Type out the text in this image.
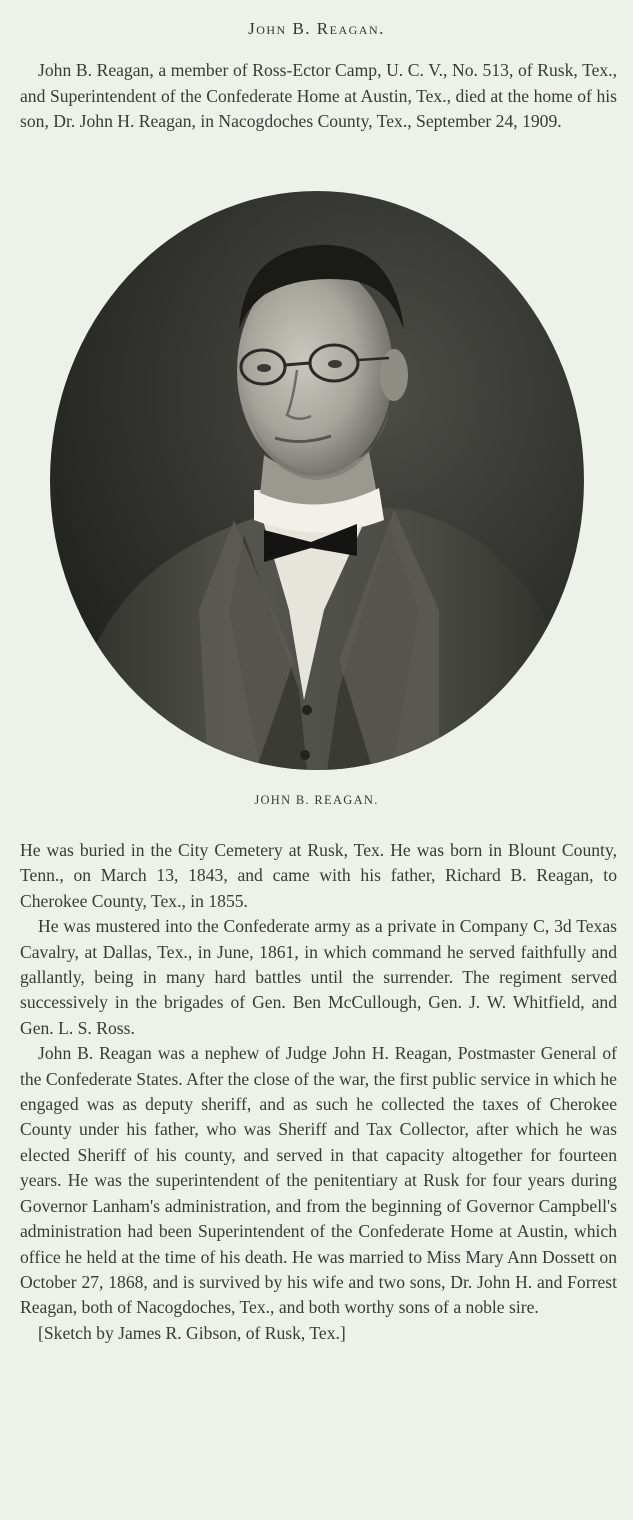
John B. Reagan.
John B. Reagan, a member of Ross-Ector Camp, U. C. V., No. 513, of Rusk, Tex., and Superintendent of the Confederate Home at Austin, Tex., died at the home of his son, Dr. John H. Reagan, in Nacogdoches County, Tex., September 24, 1909.
JOHN B. REAGAN.

He was buried in the City Cemetery at Rusk, Tex. He was born in Blount County, Tenn., on March 13, 1843, and came with his father, Richard B. Reagan, to Cherokee County, Tex., in 1855.

He was mustered into the Confederate army as a private in Company C, 3d Texas Cavalry, at Dallas, Tex., in June, 1861, in which command he served faithfully and gallantly, being in many hard battles until the surrender. The regiment served successively in the brigades of Gen. Ben McCullough, Gen. J. W. Whitfield, and Gen. L. S. Ross.

John B. Reagan was a nephew of Judge John H. Reagan, Postmaster General of the Confederate States. After the close of the war, the first public service in which he engaged was as deputy sheriff, and as such he collected the taxes of Cherokee County under his father, who was Sheriff and Tax Collector, after which he was elected Sheriff of his county, and served in that capacity altogether for fourteen years. He was the superintendent of the penitentiary at Rusk for four years during Governor Lanham's administration, and from the beginning of Governor Campbell's administration had been Superintendent of the Confederate Home at Austin, which office he held at the time of his death. He was married to Miss Mary Ann Dossett on October 27, 1868, and is survived by his wife and two sons, Dr. John H. and Forrest Reagan, both of Nacogdoches, Tex., and both worthy sons of a noble sire.

[Sketch by James R. Gibson, of Rusk, Tex.]
